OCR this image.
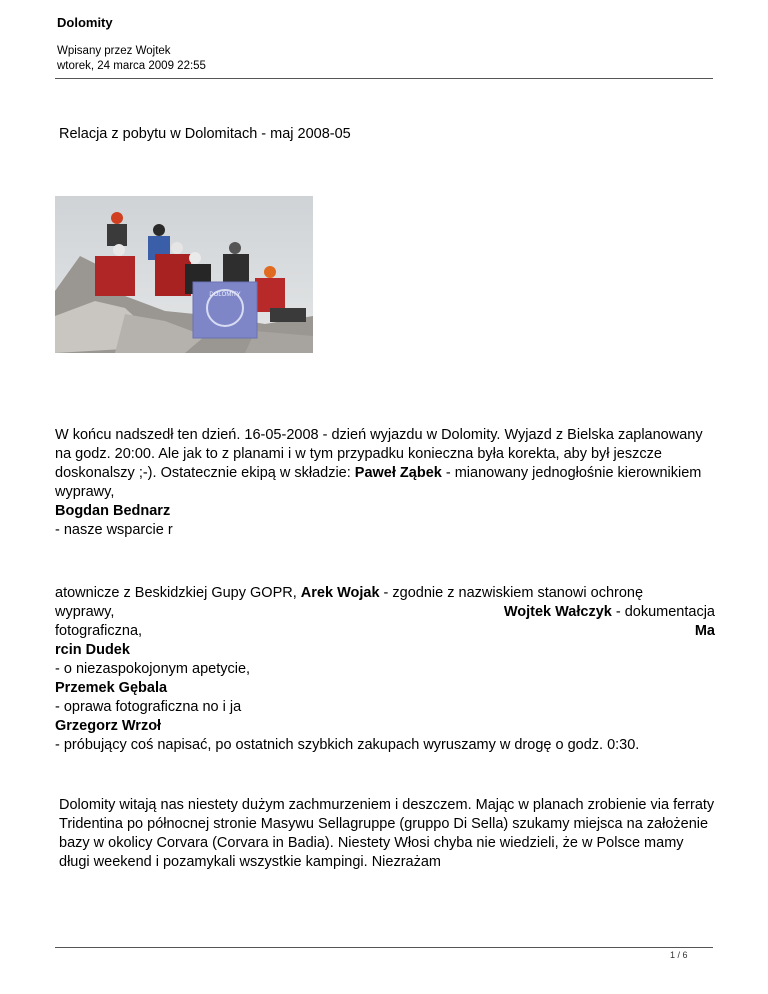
Dolomity
Wpisany przez Wojtek
wtorek, 24 marca 2009 22:55
Relacja z pobytu w Dolomitach - maj 2008-05
DOLOMITY
W końcu nadszedł ten dzień. 16-05-2008 - dzień wyjazdu w Dolomity. Wyjazd z Bielska zaplanowany na godz. 20:00. Ale jak to z planami i w tym przypadku konieczna była korekta, aby był jeszcze doskonalszy ;-). Ostatecznie ekipą w składzie: Paweł Ząbek - mianowany jednogłośnie kierownikiem wyprawy,
Bogdan Bednarz
- nasze wsparcie r
atownicze z Beskidzkiej Gupy GOPR, Arek Wojak - zgodnie z nazwiskiem stanowi ochronę
wyprawy,	Wojtek Wałczyk - dokumentacja
fotograficzna,	Ma
rcin Dudek
- o niezaspokojonym apetycie,
Przemek Gębala
- oprawa fotograficzna no i ja
Grzegorz Wrzoł
- próbujący coś napisać, po ostatnich szybkich zakupach wyruszamy w drogę o godz. 0:30.
Dolomity witają nas niestety dużym zachmurzeniem i deszczem. Mając w planach zrobienie via ferraty Tridentina po północnej stronie Masywu Sellagruppe (gruppo Di Sella) szukamy miejsca na założenie bazy w okolicy Corvara (Corvara in Badia). Niestety Włosi chyba nie wiedzieli, że w Polsce mamy długi weekend i pozamykali wszystkie kampingi. Niezrażam
1 / 6
